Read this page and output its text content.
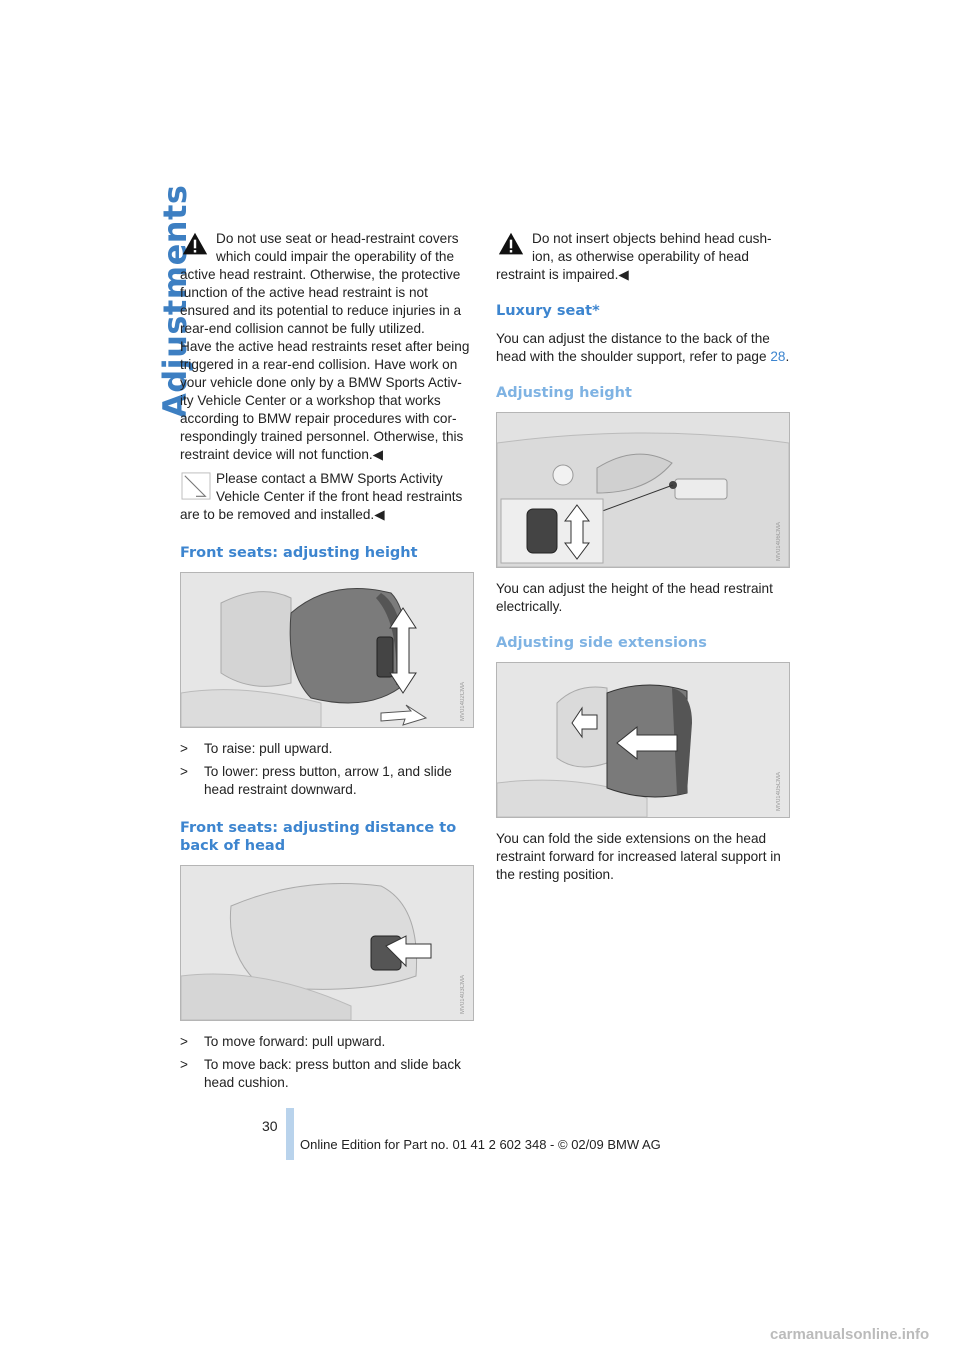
Adjustments	Do not use seat or head-restraint covers which could impair the operability of the

active head restraint. Otherwise, the protective function of the active head restraint is not ensured and its potential to reduce injuries in a rear-end collision cannot be fully utilized.

Have the active head restraints reset after being triggered in a rear-end collision. Have work on your vehicle done only by a BMW Sports Activ-ity Vehicle Center or a workshop that works according to BMW repair procedures with cor-respondingly trained personnel. Otherwise, this restraint device will not function.◀

Please contact a BMW Sports Activity Vehicle Center if the front head restraints

are to be removed and installed.◀

Front seats: adjusting height
MV01402CMA

> To raise: pull upward.

> To lower: press button, arrow 1, and slide head restraint downward.

Front seats: adjusting distance to back of head
MV01403CMA

> To move forward: pull upward.

> To move back: press button and slide back head cushion.

Do not insert objects behind head cush-ion, as otherwise operability of head

restraint is impaired.◀

Luxury seat*

You can adjust the distance to the back of the head with the shoulder support, refer to page 28.

Adjusting height
MV01406CMA

You can adjust the height of the head restraint electrically.

Adjusting side extensions
MV01405CMA

You can fold the side extensions on the head restraint forward for increased lateral support in the resting position.

30
Online Edition for Part no. 01 41 2 602 348 - © 02/09 BMW AG
carmanualsonline.info
